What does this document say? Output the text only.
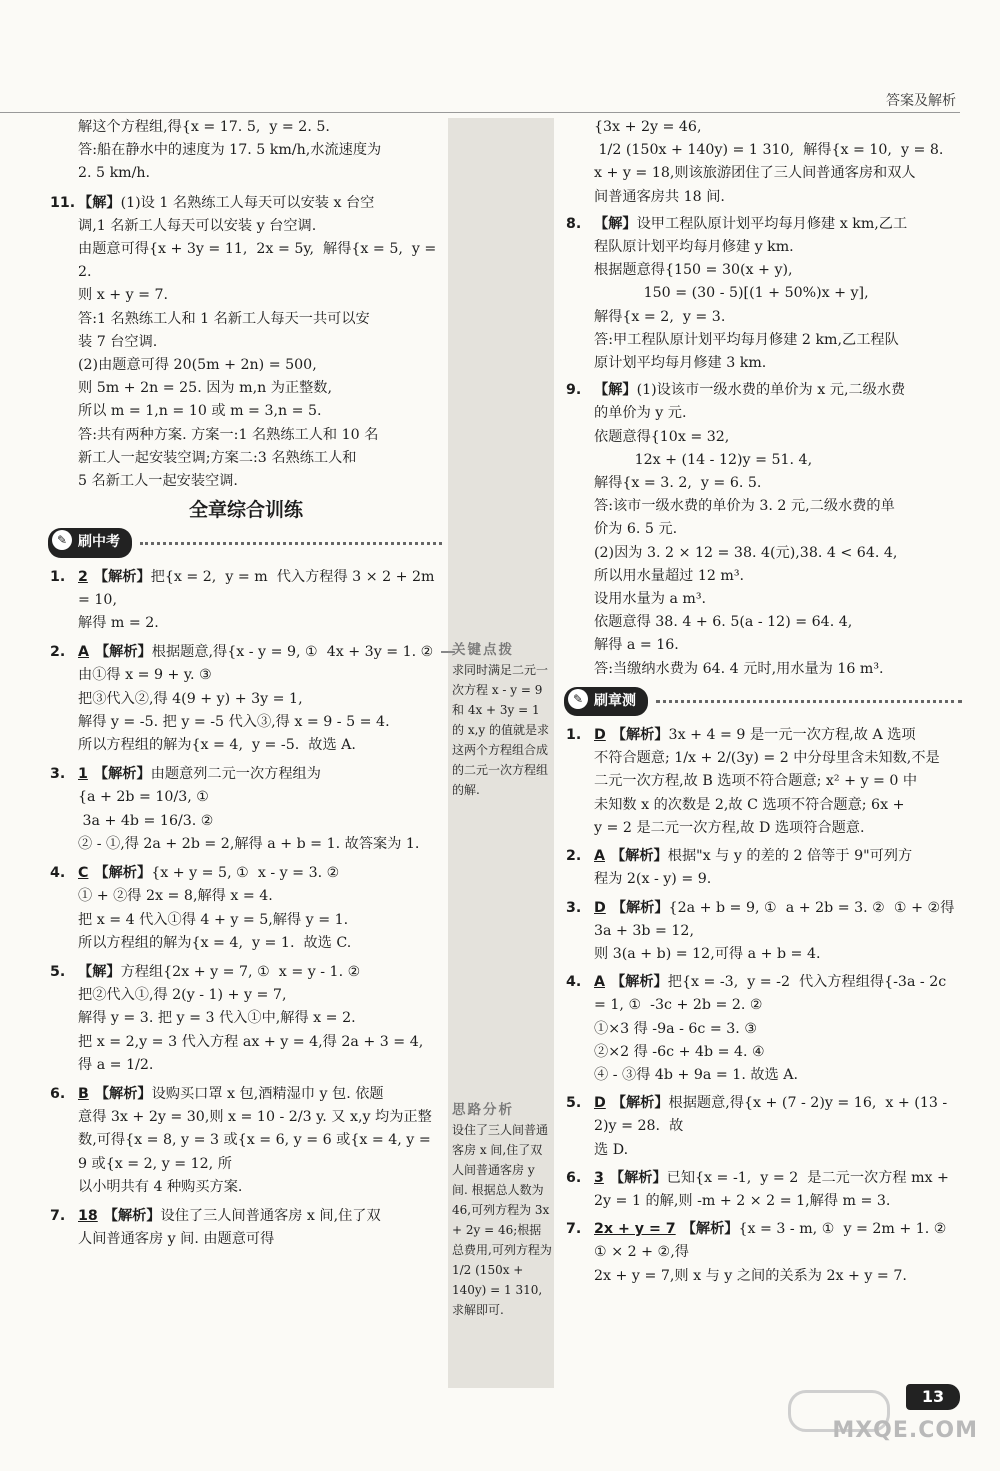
答案及解析
关键点拨
求同时满足二元一次方程 x - y = 9 和 4x + 3y = 1 的 x,y 的值就是求这两个方程组合成的二元一次方程组的解.
思路分析
设住了三人间普通客房 x 间,住了双人间普通客房 y 间. 根据总人数为 46,可列方程为 3x + 2y = 46;根据总费用,可列方程为 1/2 (150x + 140y) = 1 310,求解即可.

解这个方程组,得{x = 17. 5,  y = 2. 5.

答:船在静水中的速度为 17. 5 km/h,水流速度为

2. 5 km/h.

11. 【解】(1)设 1 名熟练工人每天可以安装 x 台空

调,1 名新工人每天可以安装 y 台空调.

由题意可得{x + 3y = 11,  2x = 5y,  解得{x = 5,  y = 2.

则 x + y = 7.

答:1 名熟练工人和 1 名新工人每天一共可以安

装 7 台空调.

(2)由题意可得 20(5m + 2n) = 500,

则 5m + 2n = 25. 因为 m,n 为正整数,

所以 m = 1,n = 10 或 m = 3,n = 5.

答:共有两种方案. 方案一:1 名熟练工人和 10 名

新工人一起安装空调;方案二:3 名熟练工人和

5 名新工人一起安装空调.

全章综合训练
✎ 刷中考

1. 2 【解析】把{x = 2,  y = m  代入方程得 3 × 2 + 2m = 10,

解得 m = 2.

2. A 【解析】根据题意,得{x - y = 9, ①  4x + 3y = 1. ②

由①得 x = 9 + y. ③

把③代入②,得 4(9 + y) + 3y = 1,

解得 y = -5. 把 y = -5 代入③,得 x = 9 - 5 = 4.

所以方程组的解为{x = 4,  y = -5.  故选 A.

3. 1 【解析】由题意列二元一次方程组为

{a + 2b = 10/3, ①

3a + 4b = 16/3. ②

② - ①,得 2a + 2b = 2,解得 a + b = 1. 故答案为 1.

4. C 【解析】{x + y = 5, ①  x - y = 3. ②

① + ②得 2x = 8,解得 x = 4.

把 x = 4 代入①得 4 + y = 5,解得 y = 1.

所以方程组的解为{x = 4,  y = 1.  故选 C.

5. 【解】方程组{2x + y = 7, ①  x = y - 1. ②

把②代入①,得 2(y - 1) + y = 7,

解得 y = 3. 把 y = 3 代入①中,解得 x = 2.

把 x = 2,y = 3 代入方程 ax + y = 4,得 2a + 3 = 4,

得 a = 1/2.

6. B 【解析】设购买口罩 x 包,酒精湿巾 y 包. 依题

意得 3x + 2y = 30,则 x = 10 - 2/3 y. 又 x,y 均为正整

数,可得{x = 8, y = 3 或{x = 6, y = 6 或{x = 4, y = 9 或{x = 2, y = 12, 所

以小明共有 4 种购买方案.

7. 18 【解析】设住了三人间普通客房 x 间,住了双

人间普通客房 y 间. 由题意可得

{3x + 2y = 46,

1/2 (150x + 140y) = 1 310,  解得{x = 10,  y = 8.

x + y = 18,则该旅游团住了三人间普通客房和双人

间普通客房共 18 间.

8. 【解】设甲工程队原计划平均每月修建 x km,乙工

程队原计划平均每月修建 y km.

根据题意得{150 = 30(x + y),

150 = (30 - 5)[(1 + 50%)x + y],

解得{x = 2,  y = 3.

答:甲工程队原计划平均每月修建 2 km,乙工程队

原计划平均每月修建 3 km.

9. 【解】(1)设该市一级水费的单价为 x 元,二级水费

的单价为 y 元.

依题意得{10x = 32,

12x + (14 - 12)y = 51. 4,

解得{x = 3. 2,  y = 6. 5.

答:该市一级水费的单价为 3. 2 元,二级水费的单

价为 6. 5 元.

(2)因为 3. 2 × 12 = 38. 4(元),38. 4 < 64. 4,

所以用水量超过 12 m³.

设用水量为 a m³.

依题意得 38. 4 + 6. 5(a - 12) = 64. 4,

解得 a = 16.

答:当缴纳水费为 64. 4 元时,用水量为 16 m³.

✎ 刷章测

1. D 【解析】3x + 4 = 9 是一元一次方程,故 A 选项

不符合题意; 1/x + 2/(3y) = 2 中分母里含未知数,不是

二元一次方程,故 B 选项不符合题意; x² + y = 0 中

未知数 x 的次数是 2,故 C 选项不符合题意; 6x +

y = 2 是二元一次方程,故 D 选项符合题意.

2. A 【解析】根据"x 与 y 的差的 2 倍等于 9"可列方

程为 2(x - y) = 9.

3. D 【解析】{2a + b = 9, ①  a + 2b = 3. ②  ① + ②得 3a + 3b = 12,

则 3(a + b) = 12,可得 a + b = 4.

4. A 【解析】把{x = -3,  y = -2  代入方程组得{-3a - 2c = 1, ①  -3c + 2b = 2. ②

①×3 得 -9a - 6c = 3. ③

②×2 得 -6c + 4b = 4. ④

④ - ③得 4b + 9a = 1. 故选 A.

5. D 【解析】根据题意,得{x + (7 - 2)y = 16,  x + (13 - 2)y = 28.  故

选 D.

6. 3 【解析】已知{x = -1,  y = 2  是二元一次方程 mx +

2y = 1 的解,则 -m + 2 × 2 = 1,解得 m = 3.

7. 2x + y = 7 【解析】{x = 3 - m, ①  y = 2m + 1. ②  ① × 2 + ②,得

2x + y = 7,则 x 与 y 之间的关系为 2x + y = 7.

13
MXQE.COM
